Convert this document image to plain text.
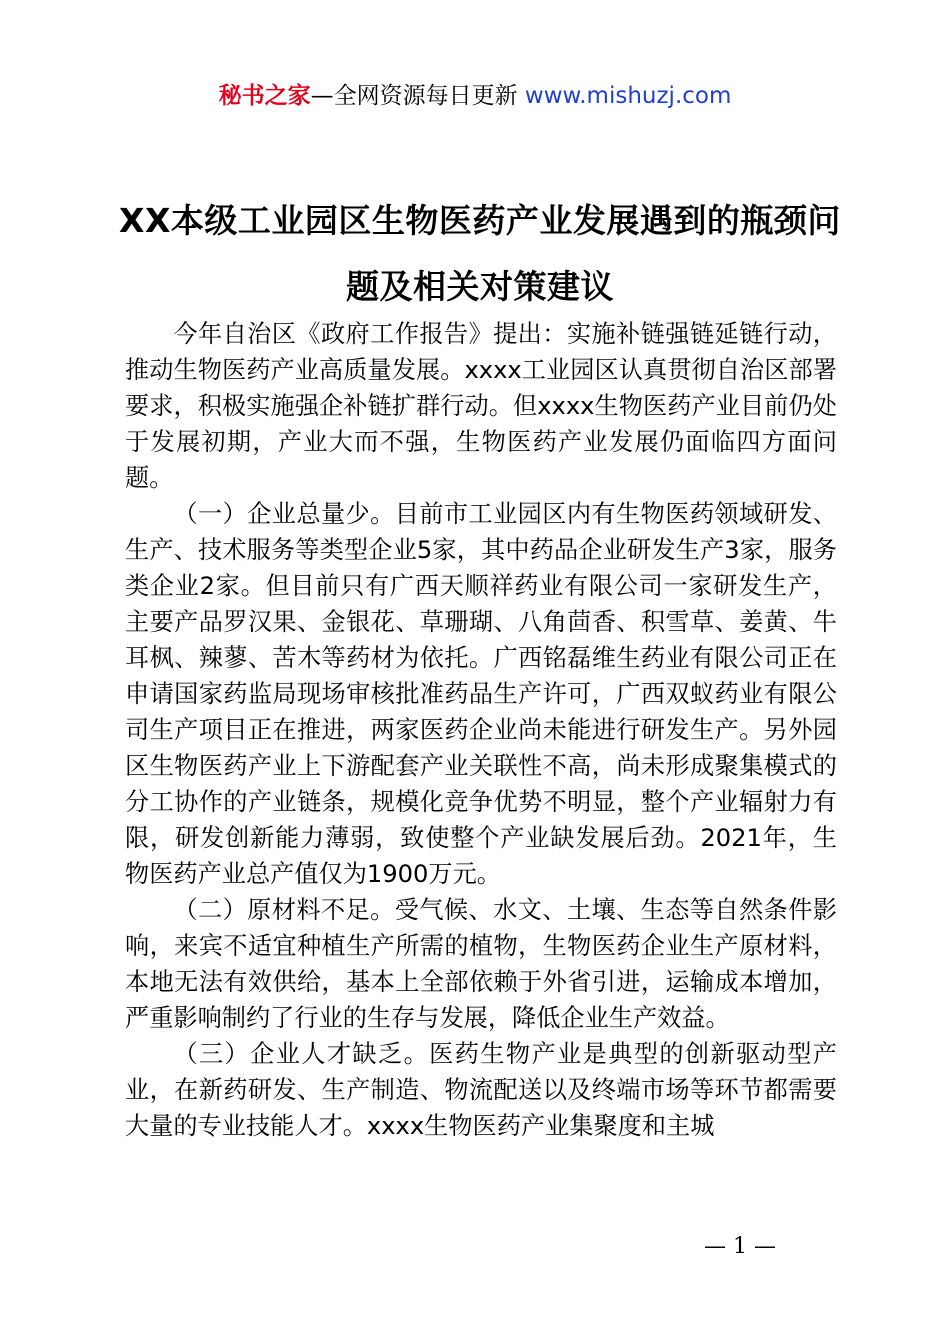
秘书之家—全网资源每日更新 www.mishuzj.com
XX本级工业园区生物医药产业发展遇到的瓶颈问题及相关对策建议

今年自治区《政府工作报告》提出：实施补链强链延链行动，推动生物医药产业高质量发展。xxxx工业园区认真贯彻自治区部署要求，积极实施强企补链扩群行动。但xxxx生物医药产业目前仍处于发展初期，产业大而不强，生物医药产业发展仍面临四方面问题。

（一）企业总量少。目前市工业园区内有生物医药领域研发、生产、技术服务等类型企业5家，其中药品企业研发生产3家，服务类企业2家。但目前只有广西天顺祥药业有限公司一家研发生产，主要产品罗汉果、金银花、草珊瑚、八角茴香、积雪草、姜黄、牛耳枫、辣蓼、苦木等药材为依托。广西铭磊维生药业有限公司正在申请国家药监局现场审核批准药品生产许可，广西双蚁药业有限公司生产项目正在推进，两家医药企业尚未能进行研发生产。另外园区生物医药产业上下游配套产业关联性不高，尚未形成聚集模式的分工协作的产业链条，规模化竞争优势不明显，整个产业辐射力有限，研发创新能力薄弱，致使整个产业缺发展后劲。2021年，生物医药产业总产值仅为1900万元。

（二）原材料不足。受气候、水文、土壤、生态等自然条件影响，来宾不适宜种植生产所需的植物，生物医药企业生产原材料，本地无法有效供给，基本上全部依赖于外省引进，运输成本增加，严重影响制约了行业的生存与发展，降低企业生产效益。

（三）企业人才缺乏。医药生物产业是典型的创新驱动型产业，在新药研发、生产制造、物流配送以及终端市场等环节都需要大量的专业技能人才。xxxx生物医药产业集聚度和主城

— 1 —
